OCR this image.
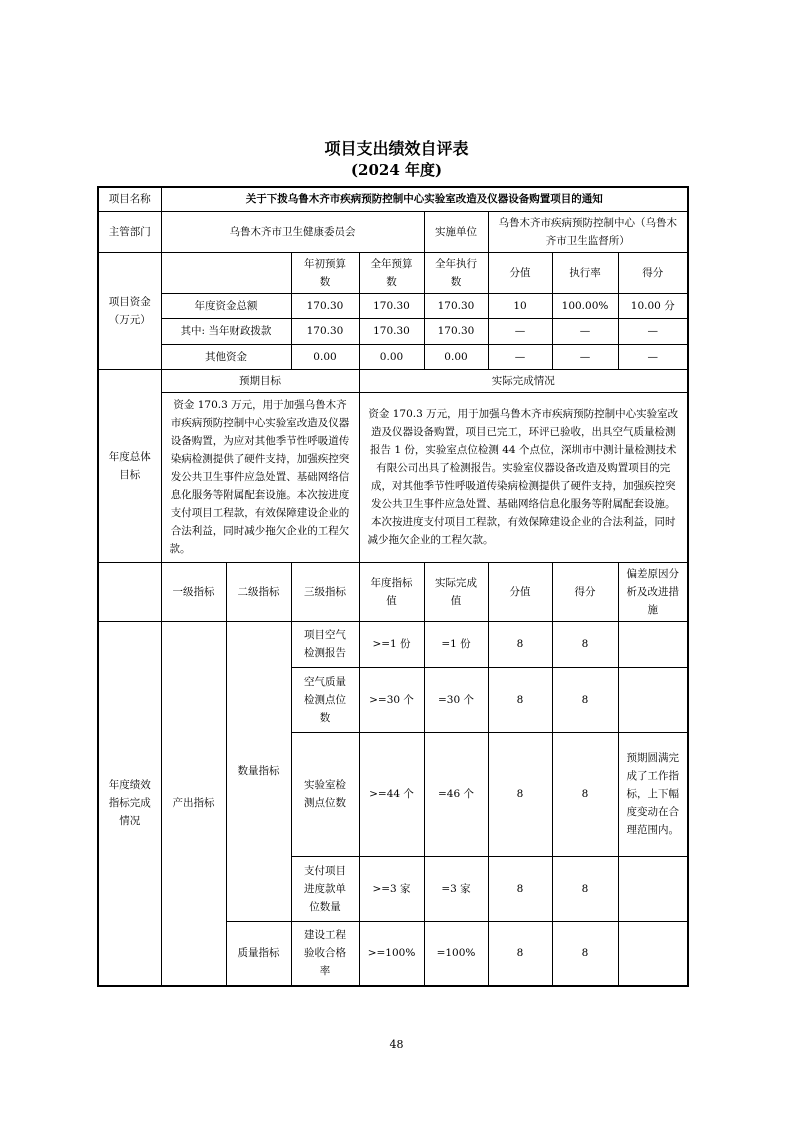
项目支出绩效自评表
(2024 年度)
项目名称	关于下拨乌鲁木齐市疾病预防控制中心实验室改造及仪器设备购置项目的通知							
主管部门	乌鲁木齐市卫生健康委员会				实施单位	乌鲁木齐市疾病预防控制中心（乌鲁木齐市卫生监督所）		
项目资金（万元）			年初预算数	全年预算数	全年执行数	分值	执行率	得分
	年度资金总额		170.30	170.30	170.30	10	100.00%	10.00 分
	其中: 当年财政拨款		170.30	170.30	170.30	—	—	—
	其他资金		0.00	0.00	0.00	—	—	—
年度总体目标	预期目标			实际完成情况				
	资金 170.3 万元，用于加强乌鲁木齐市疾病预防控制中心实验室改造及仪器设备购置，为应对其他季节性呼吸道传染病检测提供了硬件支持，加强疾控突发公共卫生事件应急处置、基础网络信息化服务等附属配套设施。本次按进度支付项目工程款，有效保障建设企业的合法利益，同时减少拖欠企业的工程欠款。			资金 170.3 万元，用于加强乌鲁木齐市疾病预防控制中心实验室改造及仪器设备购置，项目已完工，环评已验收，出具空气质量检测报告 1 份，实验室点位检测 44 个点位，深圳市中测计量检测技术有限公司出具了检测报告。实验室仪器设备改造及购置项目的完成，对其他季节性呼吸道传染病检测提供了硬件支持，加强疾控突发公共卫生事件应急处置、基础网络信息化服务等附属配套设施。本次按进度支付项目工程款，有效保障建设企业的合法利益，同时减少拖欠企业的工程欠款。				
	一级指标	二级指标	三级指标	年度指标值	实际完成值	分值	得分	偏差原因分析及改进措施
年度绩效指标完成情况	产出指标	数量指标	项目空气检测报告	>=1 份	=1 份	8	8	
			空气质量检测点位数	>=30 个	=30 个	8	8	
			实验室检测点位数	>=44 个	=46 个	8	8	预期圆满完成了工作指标，上下幅度变动在合理范围内。
			支付项目进度款单位数量	>=3 家	=3 家	8	8	
		质量指标	建设工程验收合格率	>=100%	=100%	8	8	
48
